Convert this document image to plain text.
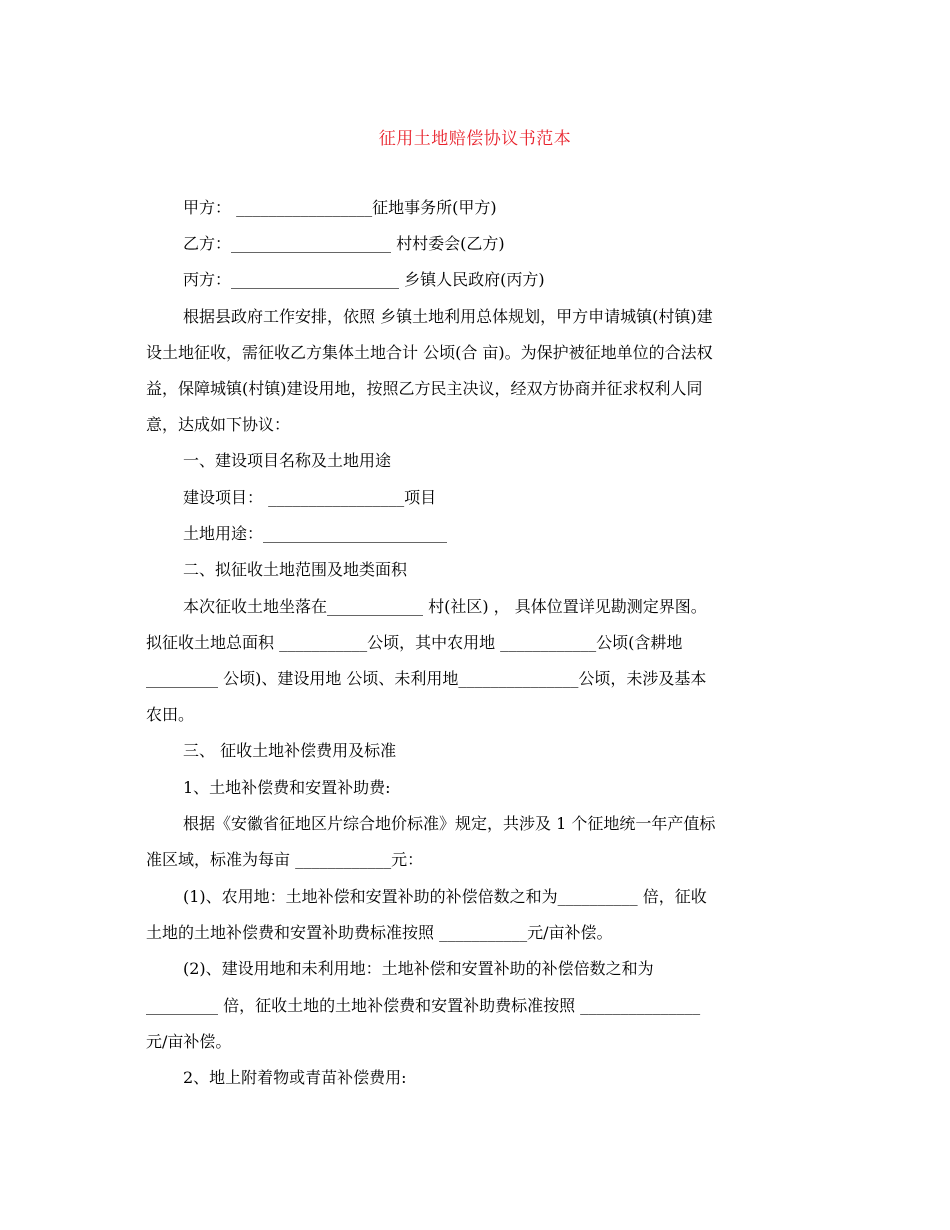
征用土地赔偿协议书范本
甲方： _________________征地事务所(甲方)
乙方：____________________ 村村委会(乙方)
丙方：_____________________ 乡镇人民政府(丙方)
根据县政府工作安排，依照 乡镇土地利用总体规划，甲方申请城镇(村镇)建
设土地征收，需征收乙方集体土地合计 公顷(合 亩)。为保护被征地单位的合法权
益，保障城镇(村镇)建设用地，按照乙方民主决议，经双方协商并征求权利人同
意，达成如下协议：
一、建设项目名称及土地用途
建设项目： _________________项目
土地用途：_______________________
二、拟征收土地范围及地类面积
本次征收土地坐落在____________ 村(社区) ， 具体位置详见勘测定界图。
拟征收土地总面积 ___________公顷，其中农用地 ____________公顷(含耕地
_________ 公顷)、建设用地 公顷、未利用地_______________公顷，未涉及基本
农田。
三、 征收土地补偿费用及标准
1、土地补偿费和安置补助费:
根据《安徽省征地区片综合地价标准》规定，共涉及 1 个征地统一年产值标
准区域，标准为每亩 ____________元：
(1)、农用地：土地补偿和安置补助的补偿倍数之和为__________ 倍，征收
土地的土地补偿费和安置补助费标准按照 ___________元/亩补偿。
(2)、建设用地和未利用地：土地补偿和安置补助的补偿倍数之和为
_________ 倍，征收土地的土地补偿费和安置补助费标准按照 _______________
元/亩补偿。
2、地上附着物或青苗补偿费用:
